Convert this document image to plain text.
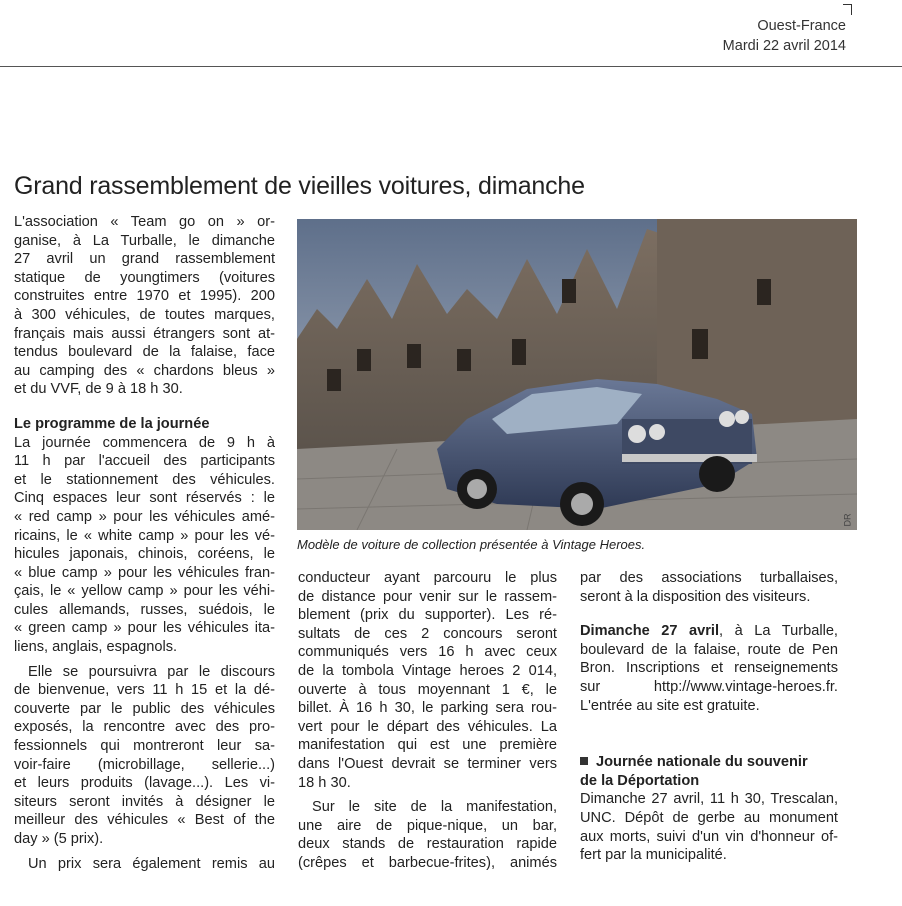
Ouest-France
Mardi 22 avril 2014
Grand rassemblement de vieilles voitures, dimanche
L'association « Team go on » or-
ganise, à La Turballe, le dimanche
27 avril un grand rassemblement
statique de youngtimers (voitures
construites entre 1970 et 1995). 200
à 300 véhicules, de toutes marques,
français mais aussi étrangers sont at-
tendus boulevard de la falaise, face
au camping des « chardons bleus »
et du VVF, de 9 à 18 h 30.
Le programme de la journée
La journée commencera de 9 h à
11 h par l'accueil des participants
et le stationnement des véhicules.
Cinq espaces leur sont réservés : le
« red camp » pour les véhicules amé-
ricains, le « white camp » pour les vé-
hicules japonais, chinois, coréens, le
« blue camp » pour les véhicules fran-
çais, le « yellow camp » pour les véhi-
cules allemands, russes, suédois, le
« green camp » pour les véhicules ita-
liens, anglais, espagnols.
Elle se poursuivra par le discours
de bienvenue, vers 11 h 15 et la dé-
couverte par le public des véhicules
exposés, la rencontre avec des pro-
fessionnels qui montreront leur sa-
voir-faire (microbillage, sellerie...)
et leurs produits (lavage...). Les vi-
siteurs seront invités à désigner le
meilleur des véhicules « Best of the
day » (5 prix).
Un prix sera également remis au
DR
Modèle de voiture de collection présentée à Vintage Heroes.
conducteur ayant parcouru le plus
de distance pour venir sur le rassem-
blement (prix du supporter). Les ré-
sultats de ces 2 concours seront
communiqués vers 16 h avec ceux
de la tombola Vintage heroes 2 014,
ouverte à tous moyennant 1 €, le
billet. À 16 h 30, le parking sera rou-
vert pour le départ des véhicules. La
manifestation qui est une première
dans l'Ouest devrait se terminer vers
18 h 30.
Sur le site de la manifestation,
une aire de pique-nique, un bar,
deux stands de restauration rapide
(crêpes et barbecue-frites), animés
par des associations turballaises,
seront à la disposition des visiteurs.
Dimanche 27 avril, à La Turballe,
boulevard de la falaise, route de Pen
Bron. Inscriptions et renseignements
sur http://www.vintage-heroes.fr.
L'entrée au site est gratuite.
Journée nationale du souvenir
de la Déportation
Dimanche 27 avril, 11 h 30, Trescalan,
UNC. Dépôt de gerbe au monument
aux morts, suivi d'un vin d'honneur of-
fert par la municipalité.
